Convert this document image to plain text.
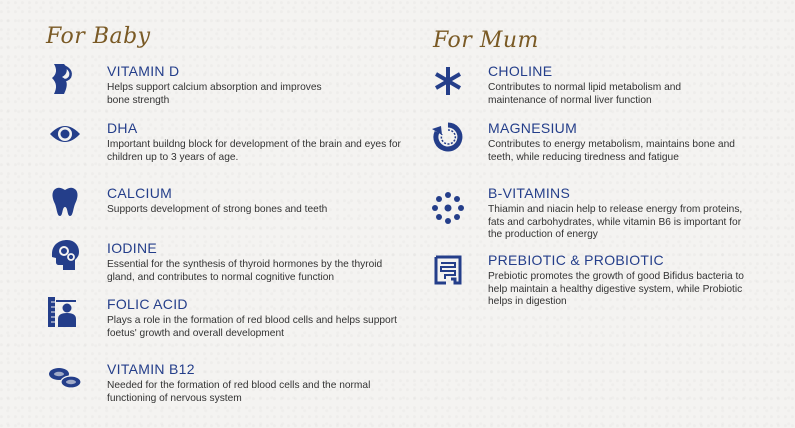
For Baby	For Mum
VITAMIN D
Helps support calcium absorption and improves bone strength
DHA
Important buildng block for development of the brain and eyes for children up to 3 years of age.
CALCIUM
Supports development of strong bones and teeth
IODINE
Essential for the synthesis of thyroid hormones by the thyroid gland, and contributes to normal cognitive function
FOLIC ACID
Plays a role in the formation of red blood cells and helps support foetus' growth and overall development
VITAMIN B12
Needed for the formation of red blood cells and the normal functioning of nervous system
CHOLINE
Contributes to normal lipid metabolism and maintenance of normal liver function
MAGNESIUM
Contributes to energy metabolism, maintains bone and teeth, while reducing tiredness and fatigue
B-VITAMINS
Thiamin and niacin help to release energy from proteins, fats and carbohydrates, while vitamin B6 is important for the production of energy
PREBIOTIC & PROBIOTIC
Prebiotic promotes the growth of good Bifidus bacteria to help maintain a healthy digestive system, while Probiotic helps in digestion
